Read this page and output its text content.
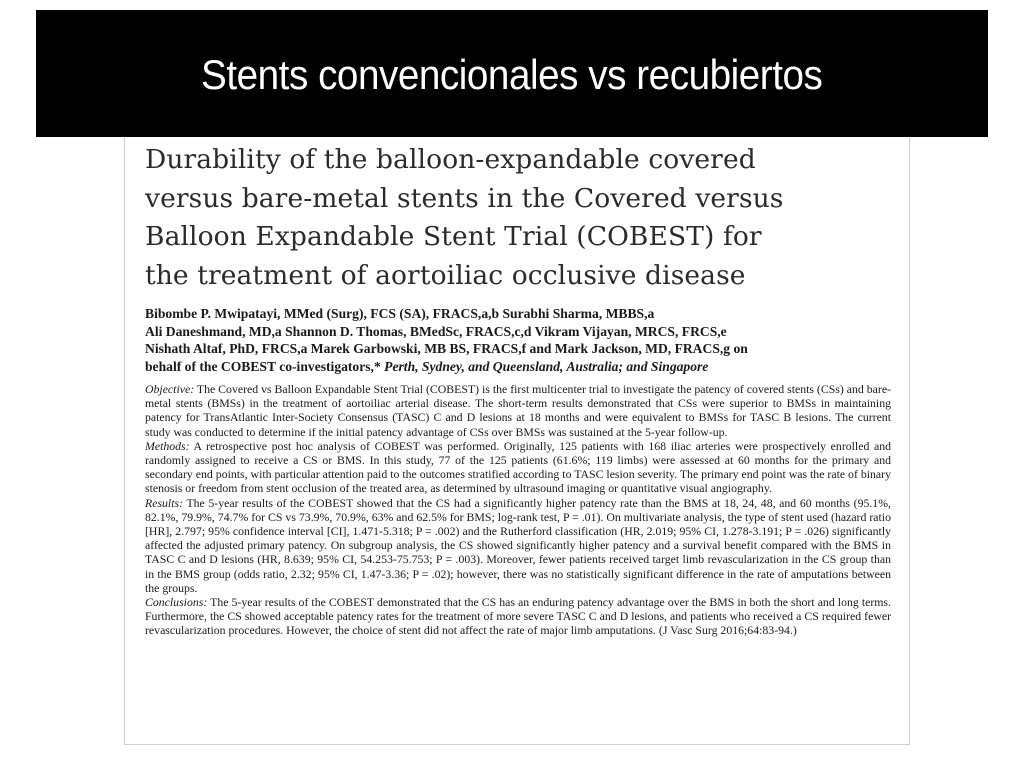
Stents convencionales vs recubiertos
Durability of the balloon-expandable covered
versus bare-metal stents in the Covered versus
Balloon Expandable Stent Trial (COBEST) for
the treatment of aortoiliac occlusive disease
Bibombe P. Mwipatayi, MMed (Surg), FCS (SA), FRACS,a,b Surabhi Sharma, MBBS,a
Ali Daneshmand, MD,a Shannon D. Thomas, BMedSc, FRACS,c,d Vikram Vijayan, MRCS, FRCS,e
Nishath Altaf, PhD, FRCS,a Marek Garbowski, MB BS, FRACS,f and Mark Jackson, MD, FRACS,g on
behalf of the COBEST co-investigators,* Perth, Sydney, and Queensland, Australia; and Singapore

Objective: The Covered vs Balloon Expandable Stent Trial (COBEST) is the first multicenter trial to investigate the patency of covered stents (CSs) and bare-metal stents (BMSs) in the treatment of aortoiliac arterial disease. The short-term results demonstrated that CSs were superior to BMSs in maintaining patency for TransAtlantic Inter-Society Consensus (TASC) C and D lesions at 18 months and were equivalent to BMSs for TASC B lesions. The current study was conducted to determine if the initial patency advantage of CSs over BMSs was sustained at the 5-year follow-up.

Methods: A retrospective post hoc analysis of COBEST was performed. Originally, 125 patients with 168 iliac arteries were prospectively enrolled and randomly assigned to receive a CS or BMS. In this study, 77 of the 125 patients (61.6%; 119 limbs) were assessed at 60 months for the primary and secondary end points, with particular attention paid to the outcomes stratified according to TASC lesion severity. The primary end point was the rate of binary stenosis or freedom from stent occlusion of the treated area, as determined by ultrasound imaging or quantitative visual angiography.

Results: The 5-year results of the COBEST showed that the CS had a significantly higher patency rate than the BMS at 18, 24, 48, and 60 months (95.1%, 82.1%, 79.9%, 74.7% for CS vs 73.9%, 70.9%, 63% and 62.5% for BMS; log-rank test, P = .01). On multivariate analysis, the type of stent used (hazard ratio [HR], 2.797; 95% confidence interval [CI], 1.471-5.318; P = .002) and the Rutherford classification (HR, 2.019; 95% CI, 1.278-3.191; P = .026) significantly affected the adjusted primary patency. On subgroup analysis, the CS showed significantly higher patency and a survival benefit compared with the BMS in TASC C and D lesions (HR, 8.639; 95% CI, 54.253-75.753; P = .003). Moreover, fewer patients received target limb revascularization in the CS group than in the BMS group (odds ratio, 2.32; 95% CI, 1.47-3.36; P = .02); however, there was no statistically significant difference in the rate of amputations between the groups.

Conclusions: The 5-year results of the COBEST demonstrated that the CS has an enduring patency advantage over the BMS in both the short and long terms. Furthermore, the CS showed acceptable patency rates for the treatment of more severe TASC C and D lesions, and patients who received a CS required fewer revascularization procedures. However, the choice of stent did not affect the rate of major limb amputations. (J Vasc Surg 2016;64:83-94.)
